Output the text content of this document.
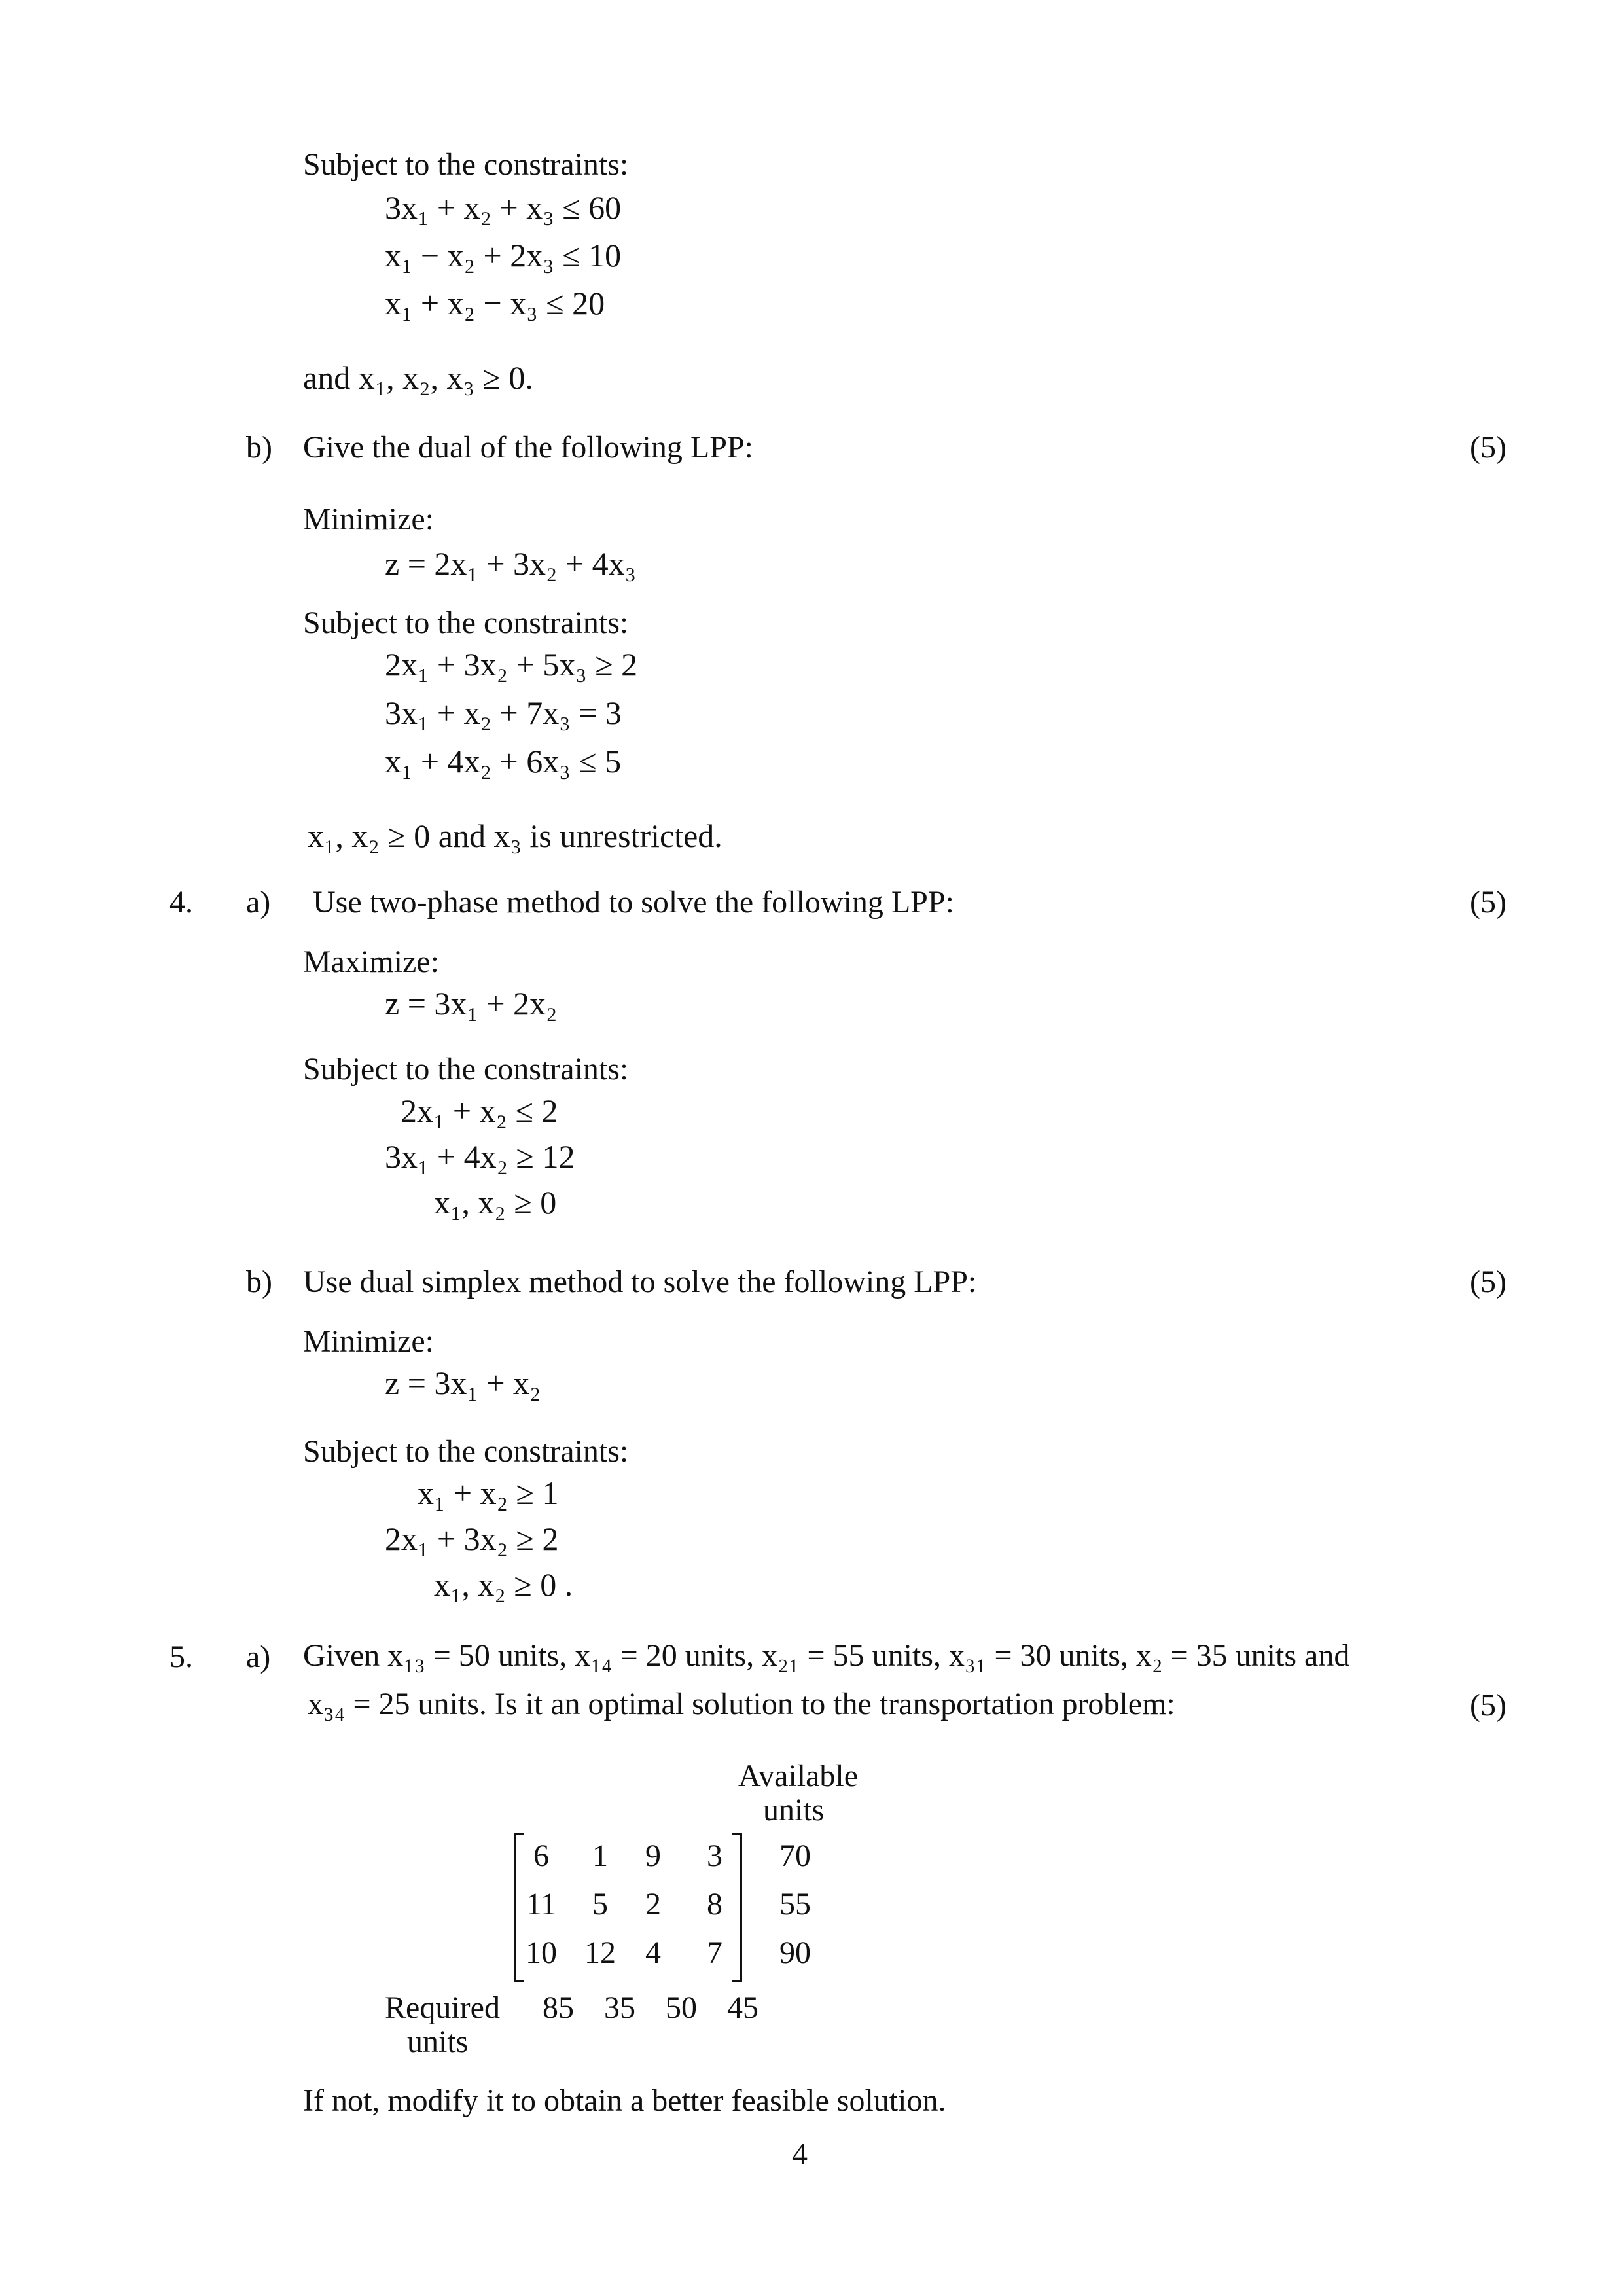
Subject to the constraints:
3x₁ + x₂ + x₃ ≤ 60
x₁ − x₂ + 2x₃ ≤ 10
x₁ + x₂ − x₃ ≤ 20
and x₁, x₂, x₃ ≥ 0.
b) Give the dual of the following LPP:	(5)
Minimize:
z = 2x₁ + 3x₂ + 4x₃
Subject to the constraints:
2x₁ + 3x₂ + 5x₃ ≥ 2
3x₁ + x₂ + 7x₃ = 3
x₁ + 4x₂ + 6x₃ ≤ 5
x₁, x₂ ≥ 0 and x₃ is unrestricted.
4. a) Use two-phase method to solve the following LPP:	(5)
Maximize:
z = 3x₁ + 2x₂
Subject to the constraints:
2x₁ + x₂ ≤ 2
3x₁ + 4x₂ ≥ 12
x₁, x₂ ≥ 0
b) Use dual simplex method to solve the following LPP:	(5)
Minimize:
z = 3x₁ + x₂
Subject to the constraints:
x₁ + x₂ ≥ 1
2x₁ + 3x₂ ≥ 2
x₁, x₂ ≥ 0 .
5. a) Given x₁₃ = 50 units, x₁₄ = 20 units, x₂₁ = 55 units, x₃₁ = 30 units, x₂ = 35 units and
x₃₄ = 25 units. Is it an optimal solution to the transportation problem:	(5)
Available
units
6	1	9	3	70
11	5	2	8	55
10 12 4	7	90
Required
units
85 35 50 45
If not, modify it to obtain a better feasible solution.
4
